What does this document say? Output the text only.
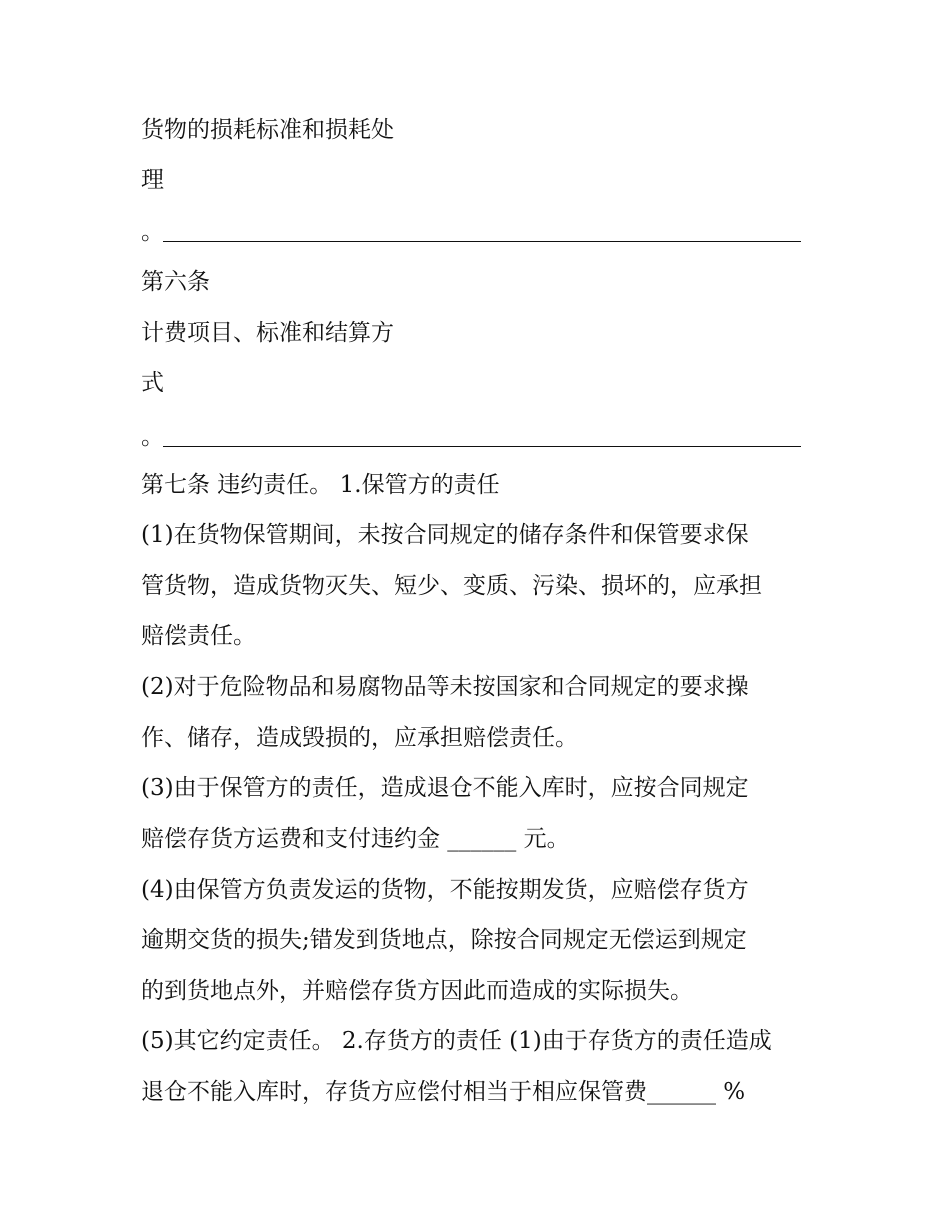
货物的损耗标准和损耗处
理
。
第六条
计费项目、标准和结算方
式
。
第七条 违约责任。 1.保管方的责任
(1)在货物保管期间，未按合同规定的储存条件和保管要求保
管货物，造成货物灭失、短少、变质、污染、损坏的，应承担
赔偿责任。
(2)对于危险物品和易腐物品等未按国家和合同规定的要求操
作、储存，造成毁损的，应承担赔偿责任。
(3)由于保管方的责任，造成退仓不能入库时，应按合同规定
赔偿存货方运费和支付违约金 ______ 元。
(4)由保管方负责发运的货物，不能按期发货，应赔偿存货方
逾期交货的损失;错发到货地点，除按合同规定无偿运到规定
的到货地点外，并赔偿存货方因此而造成的实际损失。
(5)其它约定责任。 2.存货方的责任 (1)由于存货方的责任造成
退仓不能入库时，存货方应偿付相当于相应保管费______ %
